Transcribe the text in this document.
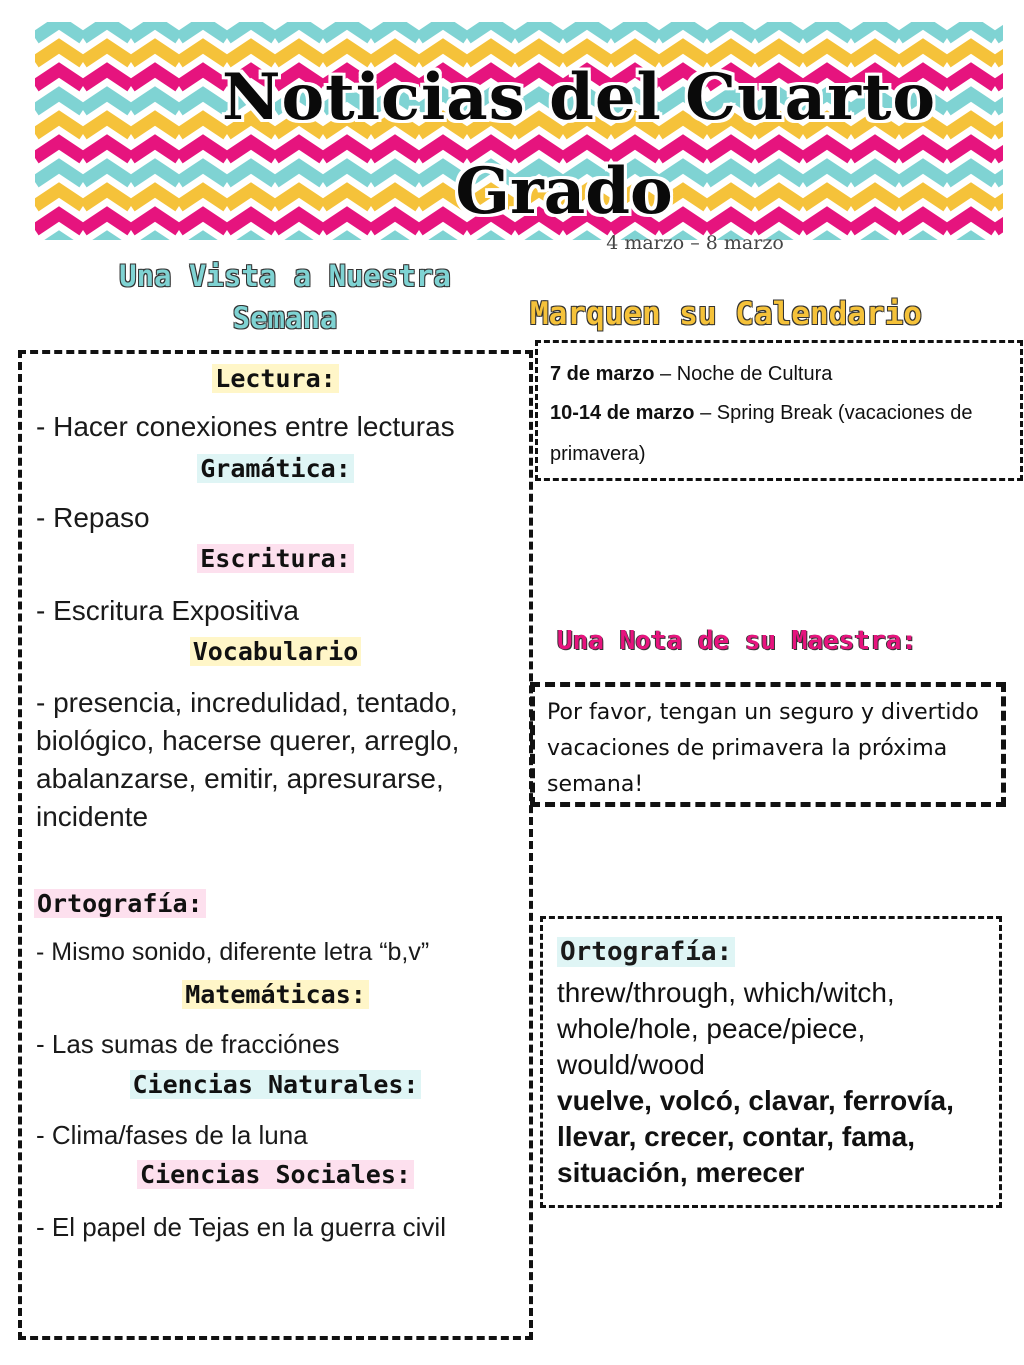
Noticias del Cuarto
Grado
4 marzo – 8 marzo
Una Vista a Nuestra Semana	Marquen su Calendario
Lectura:
- Hacer conexiones entre lecturas
Gramática:
- Repaso
Escritura:
- Escritura Expositiva
Vocabulario
- presencia, incredulidad, tentado, biológico, hacerse querer, arreglo, abalanzarse, emitir, apresurarse, incidente
Ortografía:
- Mismo sonido, diferente letra “b,v”
Matemáticas:
- Las sumas de fracciónes
Ciencias Naturales:
- Clima/fases de la luna
Ciencias Sociales:
- El papel de Tejas en la guerra civil
7 de marzo – Noche de Cultura
10-14 de marzo – Spring Break (vacaciones de primavera)
Una Nota de su Maestra:
Por favor, tengan un seguro y divertido vacaciones de primavera la próxima semana!
Ortografía:
threw/through, which/witch, whole/hole, peace/piece, would/wood
vuelve, volcó, clavar, ferrovía, llevar, crecer, contar, fama, situación, merecer
